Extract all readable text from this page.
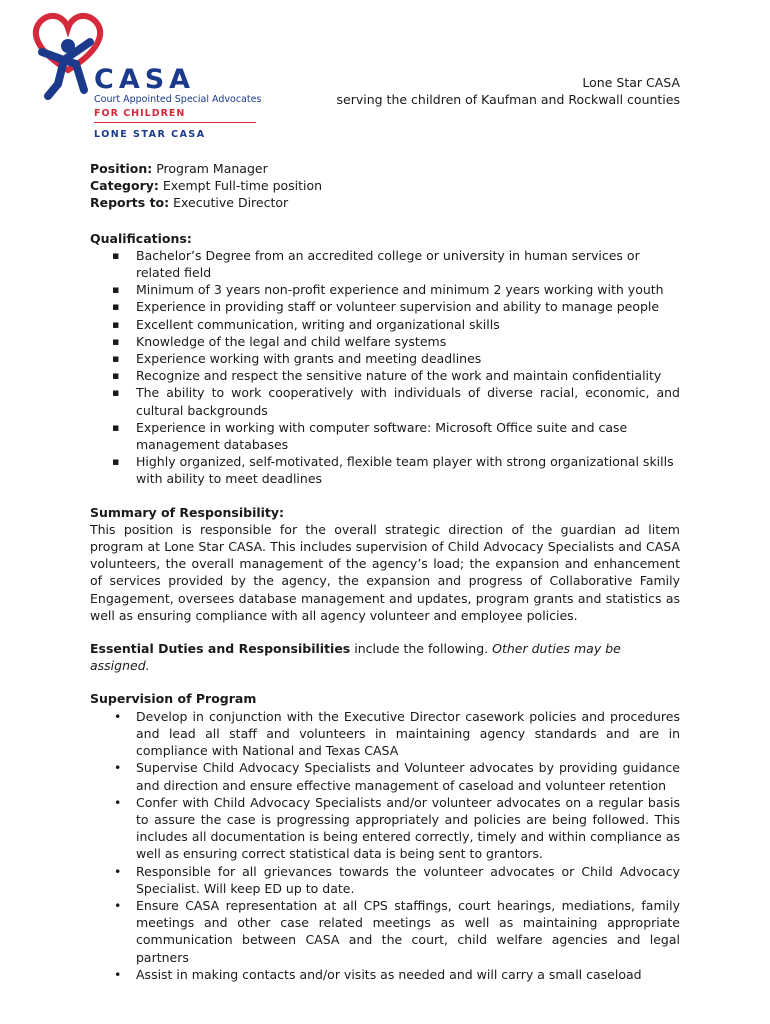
CASA
Court Appointed Special Advocates
FOR CHILDREN
LONE STAR CASA
Lone Star CASA
serving the children of Kaufman and Rockwall counties
Position: Program Manager
Category: Exempt Full-time position
Reports to: Executive Director
Qualifications:
▪ Bachelor’s Degree from an accredited college or university in human services or related field
▪ Minimum of 3 years non-profit experience and minimum 2 years working with youth
▪ Experience in providing staff or volunteer supervision and ability to manage people
▪ Excellent communication, writing and organizational skills
▪ Knowledge of the legal and child welfare systems
▪ Experience working with grants and meeting deadlines
▪ Recognize and respect the sensitive nature of the work and maintain confidentiality
▪ The ability to work cooperatively with individuals of diverse racial, economic, and cultural backgrounds
▪ Experience in working with computer software: Microsoft Office suite and case management databases
▪ Highly organized, self-motivated, flexible team player with strong organizational skills with ability to meet deadlines
Summary of Responsibility:

This position is responsible for the overall strategic direction of the guardian ad litem program at Lone Star CASA. This includes supervision of Child Advocacy Specialists and CASA volunteers, the overall management of the agency’s load; the expansion and enhancement of services provided by the agency, the expansion and progress of Collaborative Family Engagement, oversees database management and updates, program grants and statistics as well as ensuring compliance with all agency volunteer and employee policies.

Essential Duties and Responsibilities include the following. Other duties may be assigned.
Supervision of Program
• Develop in conjunction with the Executive Director casework policies and procedures and lead all staff and volunteers in maintaining agency standards and are in compliance with National and Texas CASA
• Supervise Child Advocacy Specialists and Volunteer advocates by providing guidance and direction and ensure effective management of caseload and volunteer retention
• Confer with Child Advocacy Specialists and/or volunteer advocates on a regular basis to assure the case is progressing appropriately and policies are being followed. This includes all documentation is being entered correctly, timely and within compliance as well as ensuring correct statistical data is being sent to grantors.
• Responsible for all grievances towards the volunteer advocates or Child Advocacy Specialist. Will keep ED up to date.
• Ensure CASA representation at all CPS staffings, court hearings, mediations, family meetings and other case related meetings as well as maintaining appropriate communication between CASA and the court, child welfare agencies and legal partners
• Assist in making contacts and/or visits as needed and will carry a small caseload
